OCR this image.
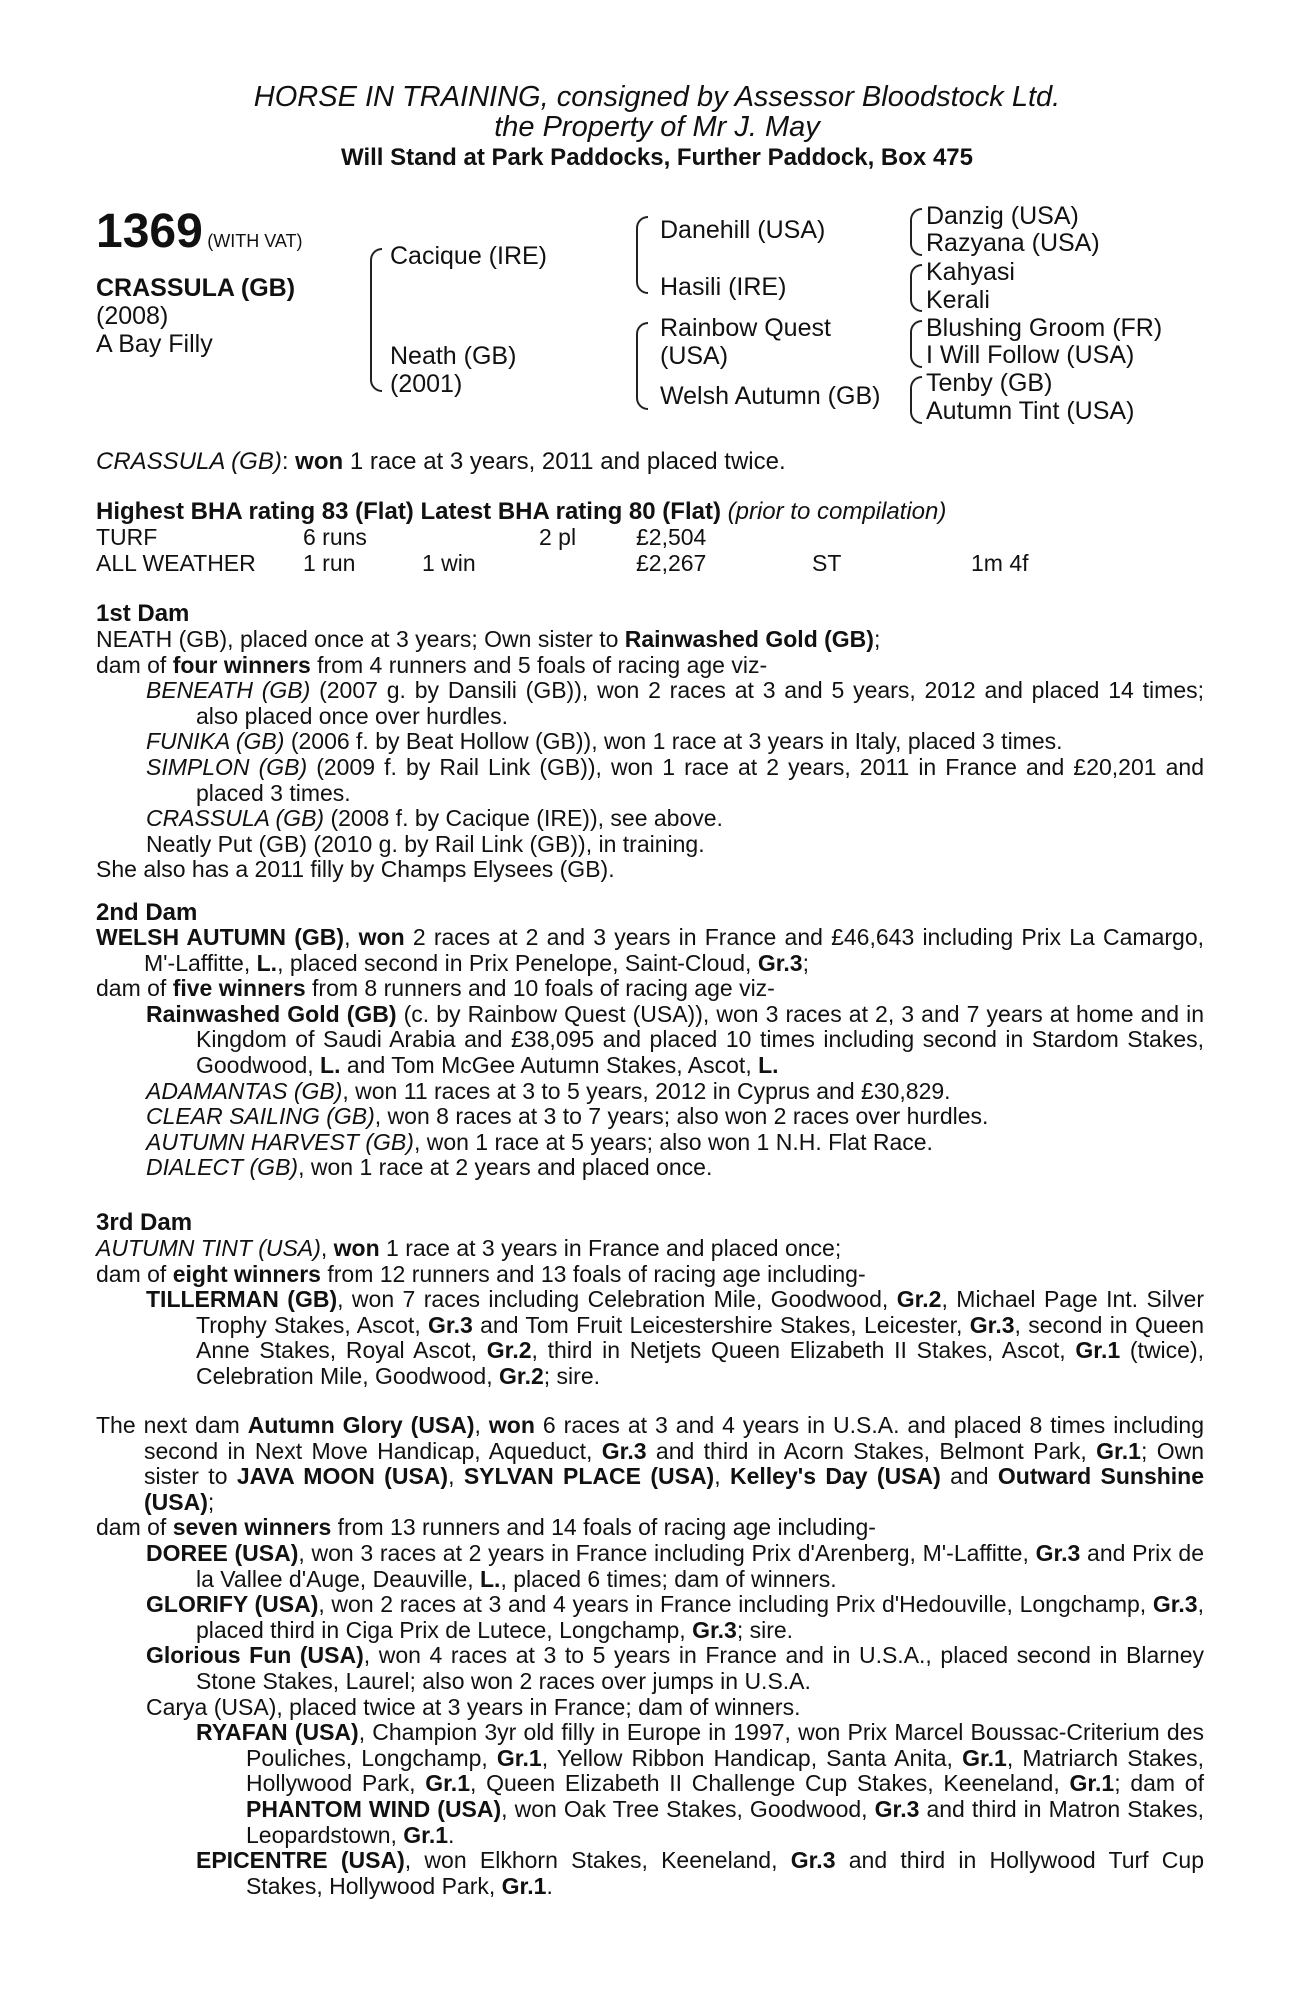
HORSE IN TRAINING, consigned by Assessor Bloodstock Ltd.
the Property of Mr J. May
Will Stand at Park Paddocks, Further Paddock, Box 475
1369 (WITH VAT)
CRASSULA (GB)
(2008)
A Bay Filly
Cacique (IRE)
Neath (GB)
(2001)
Danehill (USA)
Hasili (IRE)
Rainbow Quest
(USA)
Welsh Autumn (GB)
Danzig (USA)
Razyana (USA)
Kahyasi
Kerali
Blushing Groom (FR)
I Will Follow (USA)
Tenby (GB)
Autumn Tint (USA)
CRASSULA (GB): won 1 race at 3 years, 2011 and placed twice.
Highest BHA rating 83 (Flat) Latest BHA rating 80 (Flat) (prior to compilation)
TURF	6 runs	2 pl	£2,504
ALL WEATHER 1 run	1 win	£2,267	ST	1m 4f
1st Dam
NEATH (GB), placed once at 3 years; Own sister to Rainwashed Gold (GB);
dam of four winners from 4 runners and 5 foals of racing age viz-
BENEATH (GB) (2007 g. by Dansili (GB)), won 2 races at 3 and 5 years, 2012 and placed 14 times; also placed once over hurdles.
FUNIKA (GB) (2006 f. by Beat Hollow (GB)), won 1 race at 3 years in Italy, placed 3 times.
SIMPLON (GB) (2009 f. by Rail Link (GB)), won 1 race at 2 years, 2011 in France and £20,201 and placed 3 times.
CRASSULA (GB) (2008 f. by Cacique (IRE)), see above.
Neatly Put (GB) (2010 g. by Rail Link (GB)), in training.
She also has a 2011 filly by Champs Elysees (GB).
2nd Dam
WELSH AUTUMN (GB), won 2 races at 2 and 3 years in France and £46,643 including Prix La Camargo, M'-Laffitte, L., placed second in Prix Penelope, Saint-Cloud, Gr.3;
dam of five winners from 8 runners and 10 foals of racing age viz-
Rainwashed Gold (GB) (c. by Rainbow Quest (USA)), won 3 races at 2, 3 and 7 years at home and in Kingdom of Saudi Arabia and £38,095 and placed 10 times including second in Stardom Stakes, Goodwood, L. and Tom McGee Autumn Stakes, Ascot, L.
ADAMANTAS (GB), won 11 races at 3 to 5 years, 2012 in Cyprus and £30,829.
CLEAR SAILING (GB), won 8 races at 3 to 7 years; also won 2 races over hurdles.
AUTUMN HARVEST (GB), won 1 race at 5 years; also won 1 N.H. Flat Race.
DIALECT (GB), won 1 race at 2 years and placed once.
3rd Dam
AUTUMN TINT (USA), won 1 race at 3 years in France and placed once;
dam of eight winners from 12 runners and 13 foals of racing age including-
TILLERMAN (GB), won 7 races including Celebration Mile, Goodwood, Gr.2, Michael Page Int. Silver Trophy Stakes, Ascot, Gr.3 and Tom Fruit Leicestershire Stakes, Leicester, Gr.3, second in Queen Anne Stakes, Royal Ascot, Gr.2, third in Netjets Queen Elizabeth II Stakes, Ascot, Gr.1 (twice), Celebration Mile, Goodwood, Gr.2; sire.
The next dam Autumn Glory (USA), won 6 races at 3 and 4 years in U.S.A. and placed 8 times including second in Next Move Handicap, Aqueduct, Gr.3 and third in Acorn Stakes, Belmont Park, Gr.1; Own sister to JAVA MOON (USA), SYLVAN PLACE (USA), Kelley's Day (USA) and Outward Sunshine (USA);
dam of seven winners from 13 runners and 14 foals of racing age including-
DOREE (USA), won 3 races at 2 years in France including Prix d'Arenberg, M'-Laffitte, Gr.3 and Prix de la Vallee d'Auge, Deauville, L., placed 6 times; dam of winners.
GLORIFY (USA), won 2 races at 3 and 4 years in France including Prix d'Hedouville, Longchamp, Gr.3, placed third in Ciga Prix de Lutece, Longchamp, Gr.3; sire.
Glorious Fun (USA), won 4 races at 3 to 5 years in France and in U.S.A., placed second in Blarney Stone Stakes, Laurel; also won 2 races over jumps in U.S.A.
Carya (USA), placed twice at 3 years in France; dam of winners.
RYAFAN (USA), Champion 3yr old filly in Europe in 1997, won Prix Marcel Boussac-Criterium des Pouliches, Longchamp, Gr.1, Yellow Ribbon Handicap, Santa Anita, Gr.1, Matriarch Stakes, Hollywood Park, Gr.1, Queen Elizabeth II Challenge Cup Stakes, Keeneland, Gr.1; dam of PHANTOM WIND (USA), won Oak Tree Stakes, Goodwood, Gr.3 and third in Matron Stakes, Leopardstown, Gr.1.
EPICENTRE (USA), won Elkhorn Stakes, Keeneland, Gr.3 and third in Hollywood Turf Cup Stakes, Hollywood Park, Gr.1.
